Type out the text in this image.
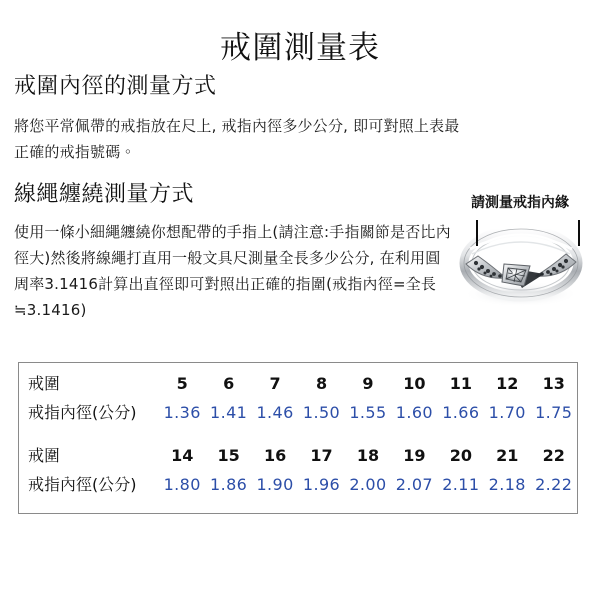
戒圍測量表
戒圍內徑的測量方式

將您平常佩帶的戒指放在尺上, 戒指內徑多少公分, 即可對照上表最正確的戒指號碼。

線繩纏繞測量方式

使用一條小細繩纏繞你想配帶的手指上(請注意:手指關節是否比內徑大)然後將線繩打直用一般文具尺測量全長多少公分, 在利用圓周率3.1416計算出直徑即可對照出正確的指圍(戒指內徑=全長≒3.1416)

請測量戒指內緣
戒圍	5	6	7	8	9	10	11	12	13
戒指內徑(公分)	1.36 1.41 1.46 1.50 1.55 1.60 1.66 1.70 1.75
戒圍	14	15	16	17	18	19	20	21	22
戒指內徑(公分)	1.80 1.86 1.90 1.96 2.00 2.07 2.11 2.18 2.22
